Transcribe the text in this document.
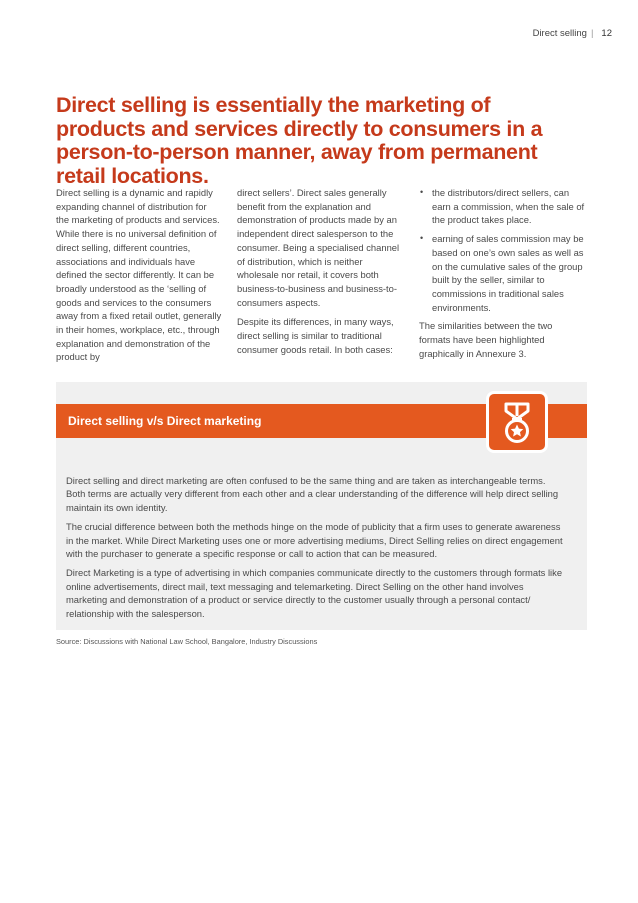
Direct selling | 12
Direct selling is essentially the marketing of products and services directly to consumers in a person-to-person manner, away from permanent retail locations.

Direct selling is a dynamic and rapidly expanding channel of distribution for the marketing of products and services. While there is no universal definition of direct selling, different countries, associations and individuals have defined the sector differently. It can be broadly understood as the ‘selling of goods and services to the consumers away from a fixed retail outlet, generally in their homes, workplace, etc., through explanation and demonstration of the product by

direct sellers’. Direct sales generally benefit from the explanation and demonstration of products made by an independent direct salesperson to the consumer. Being a specialised channel of distribution, which is neither wholesale nor retail, it covers both business-to-business and business-to-consumers aspects.

Despite its differences, in many ways, direct selling is similar to traditional consumer goods retail. In both cases:

• the distributors/direct sellers, can earn a commission, when the sale of the product takes place.
• earning of sales commission may be based on one’s own sales as well as on the cumulative sales of the group built by the seller, similar to commissions in traditional sales environments.

The similarities between the two formats have been highlighted graphically in Annexure 3.

Direct selling v/s Direct marketing

Direct selling and direct marketing are often confused to be the same thing and are taken as interchangeable terms. Both terms are actually very different from each other and a clear understanding of the difference will help direct selling maintain its own identity.

The crucial difference between both the methods hinge on the mode of publicity that a firm uses to generate awareness in the market. While Direct Marketing uses one or more advertising mediums, Direct Selling relies on direct engagement with the purchaser to generate a specific response or call to action that can be measured.

Direct Marketing is a type of advertising in which companies communicate directly to the customers through formats like online advertisements, direct mail, text messaging and telemarketing. Direct Selling on the other hand involves marketing and demonstration of a product or service directly to the customer usually through a personal contact/ relationship with the salesperson.

Source: Discussions with National Law School, Bangalore, Industry Discussions
